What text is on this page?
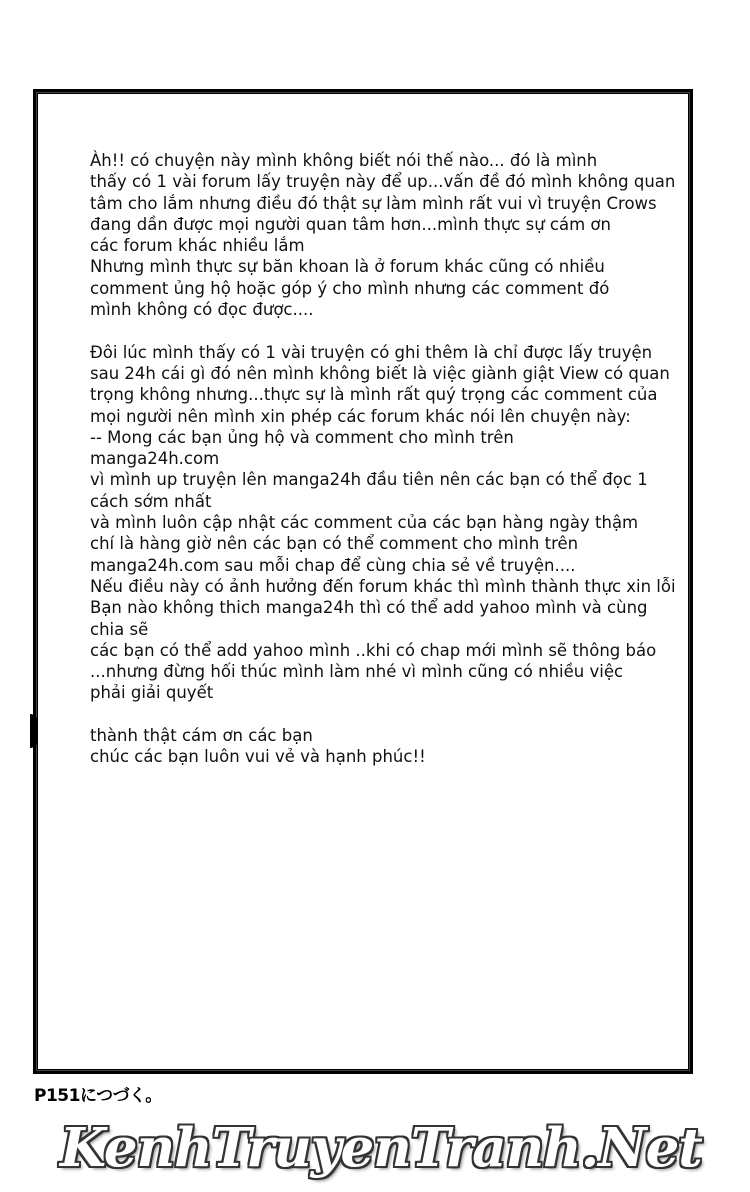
Àh!! có chuyện này mình không biết nói thế nào... đó là mình
thấy có 1 vài forum lấy truyện này để up...vấn đề đó mình không quan
tâm cho lắm nhưng điều đó thật sự làm mình rất vui vì truyện Crows
đang dần được mọi người quan tâm hơn...mình thực sự cám ơn
các forum khác nhiều lắm
Nhưng mình thực sự băn khoan là ở forum khác cũng có nhiều
comment ủng hộ hoặc góp ý cho mình nhưng các comment đó
mình không có đọc được....
Đôi lúc mình thấy có 1 vài truyện có ghi thêm là chỉ được lấy truyện
sau 24h cái gì đó nên mình không biết là việc giành giật View có quan
trọng không nhưng...thực sự là mình rất quý trọng các comment của
mọi người nên mình xin phép các forum khác nói lên chuyện này:
-- Mong các bạn ủng hộ và comment cho mình trên
manga24h.com
vì mình up truyện lên manga24h đầu tiên nên các bạn có thể đọc 1
cách sớm nhất
và mình luôn cập nhật các comment của các bạn hàng ngày thậm
chí là hàng giờ nên các bạn có thể comment cho mình trên
manga24h.com sau mỗi chap để cùng chia sẻ về truyện....
Nếu điều này có ảnh hưởng đến forum khác thì mình thành thực xin lỗi
Bạn nào không thich manga24h thì có thể add yahoo mình và cùng
chia sẽ
các bạn có thể add yahoo mình ..khi có chap mới mình sẽ thông báo
...nhưng đừng hối thúc mình làm nhé vì mình cũng có nhiều việc
phải giải quyết
thành thật cám ơn các bạn
chúc các bạn luôn vui vẻ và hạnh phúc!!
P151につづく。
KenhTruyenTranh.Net
